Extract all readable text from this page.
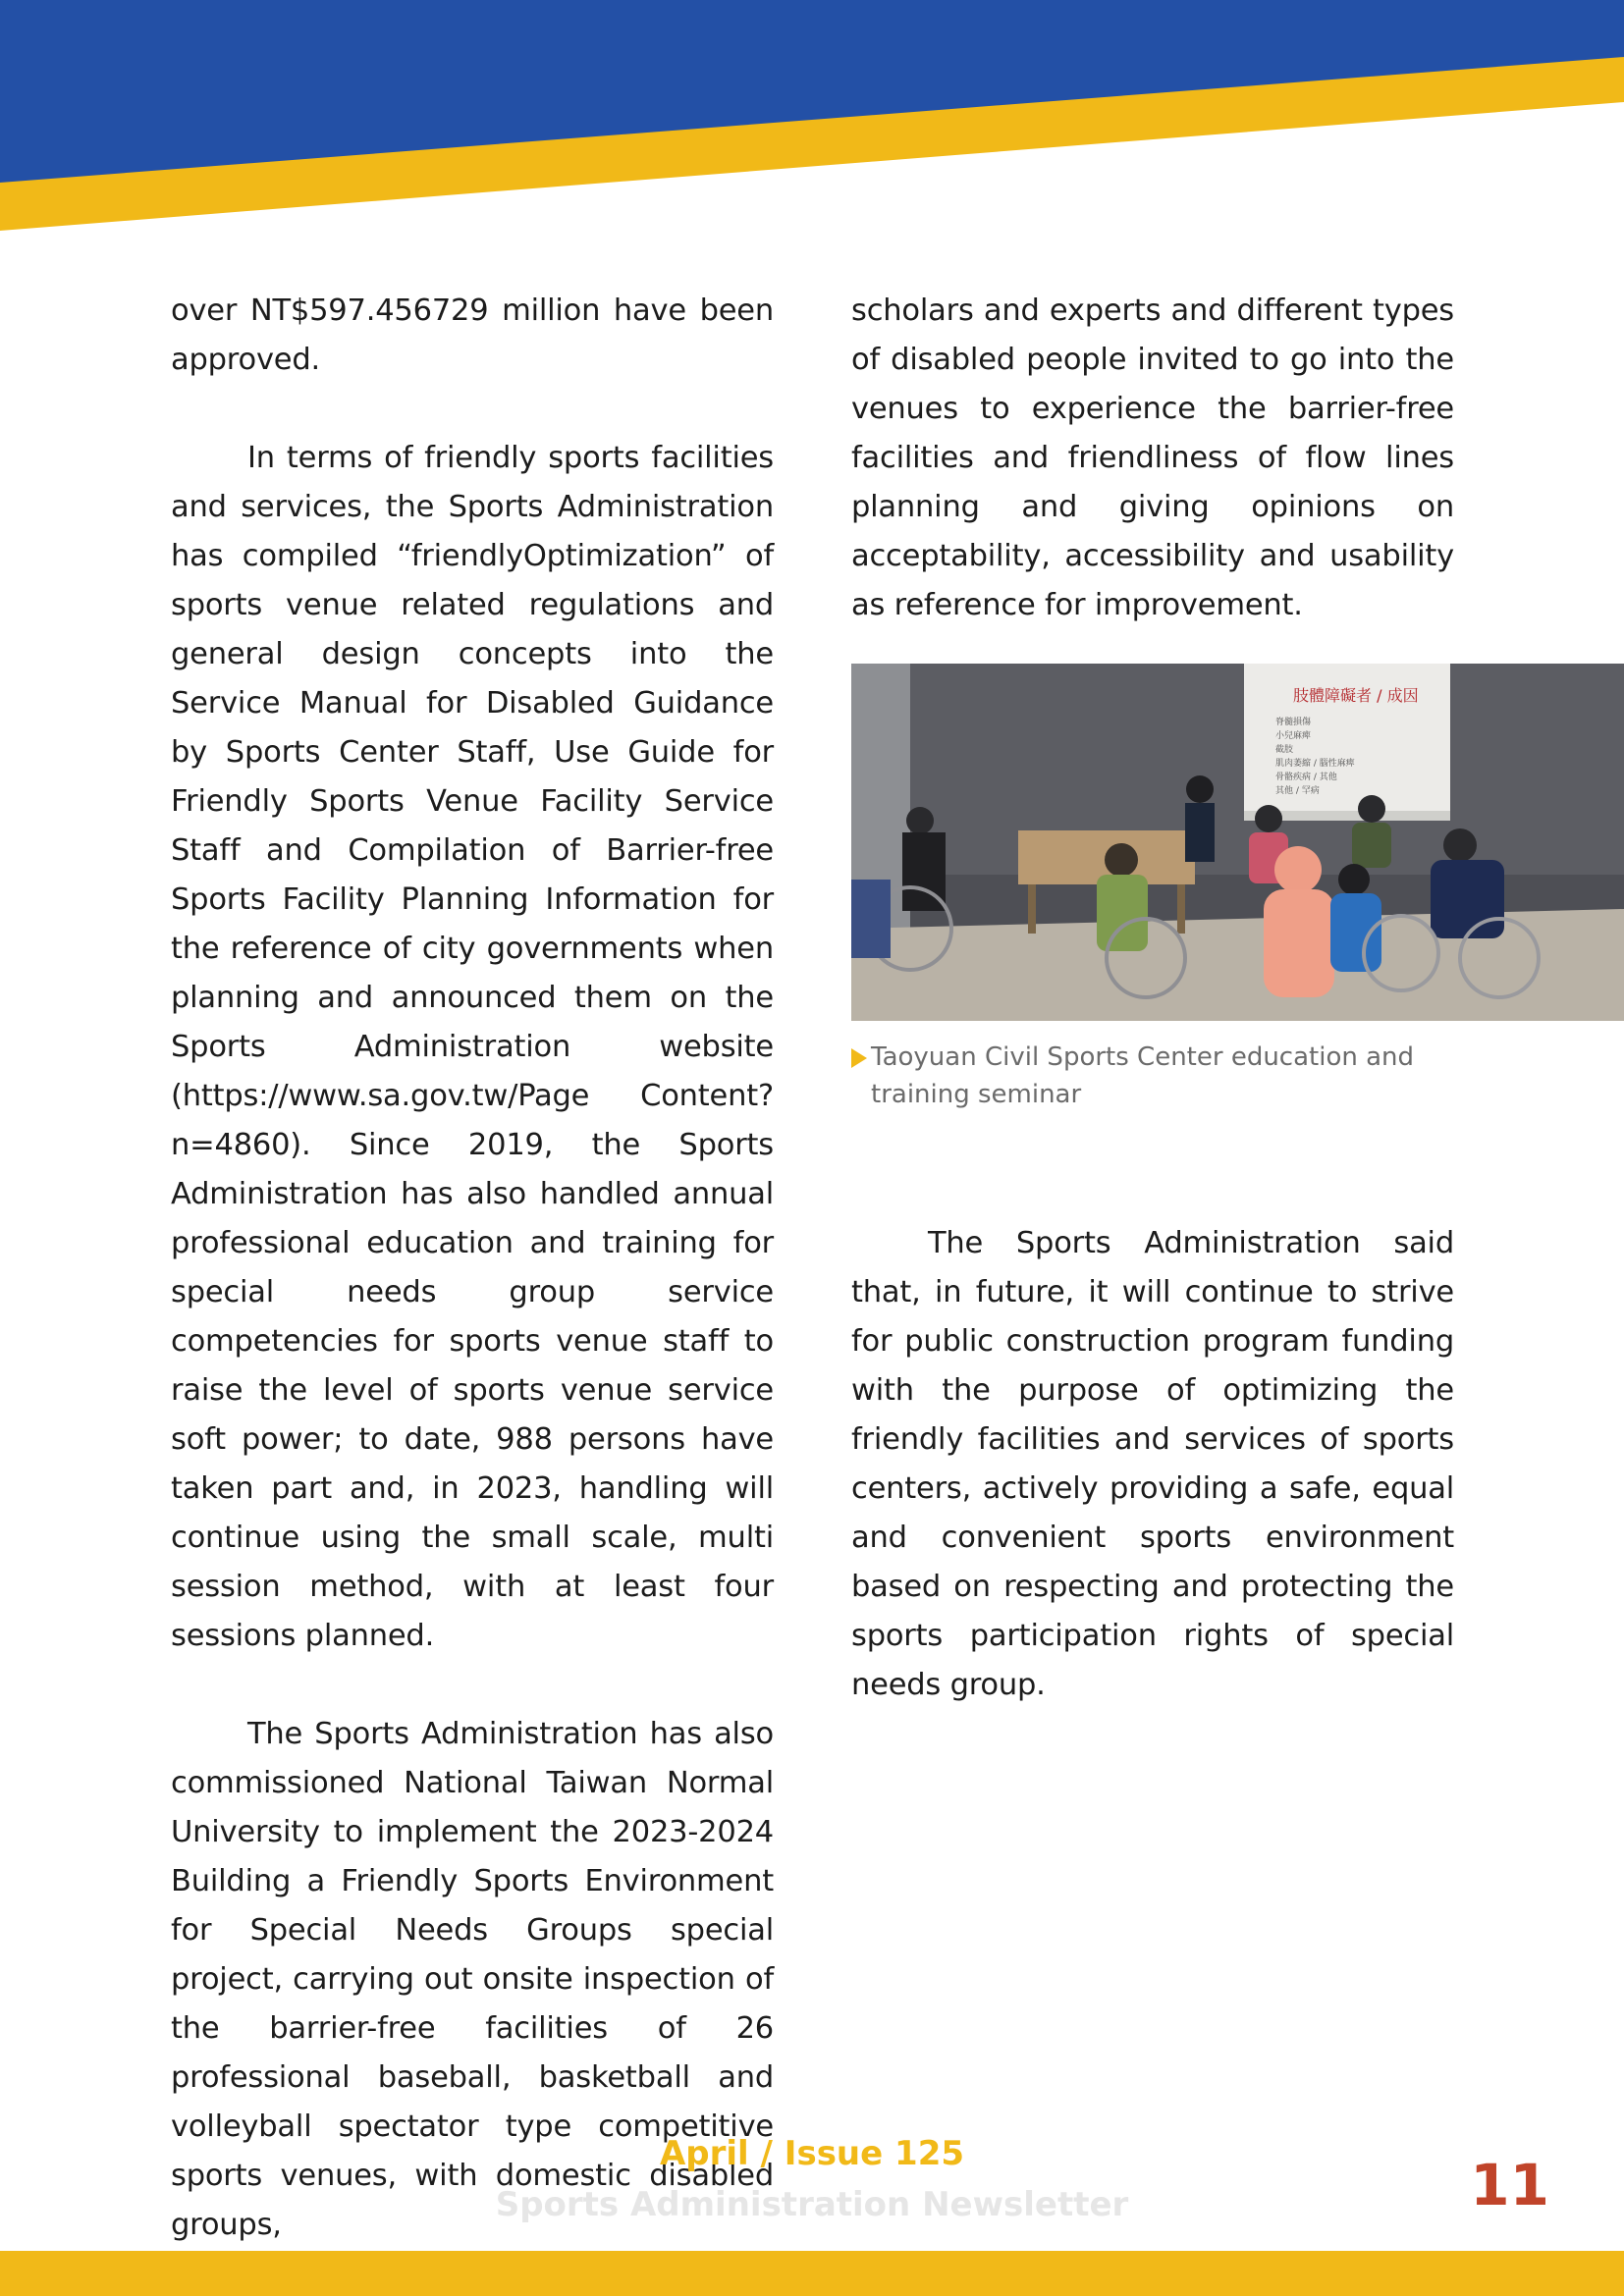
over NT$597.456729 million have been approved.

In terms of friendly sports facilities and services, the Sports Administration has compiled “friendlyOptimization” of sports venue related regulations and general design concepts into the Service Manual for Disabled Guidance by Sports Center Staff, Use Guide for Friendly Sports Venue Facility Service Staff and Compilation of Barrier-free Sports Facility Planning Information for the reference of city governments when planning and announced them on the Sports Administration website (https://www.sa.gov.tw/Page Content?n=4860). Since 2019, the Sports Administration has also handled annual professional education and training for special needs group service competencies for sports venue staff to raise the level of sports venue service soft power; to date, 988 persons have taken part and, in 2023, handling will continue using the small scale, multi session method, with at least four sessions planned.

The Sports Administration has also commissioned National Taiwan Normal University to implement the 2023-2024 Building a Friendly Sports Environment for Special Needs Groups special project, carrying out onsite inspection of the barrier-free facilities of 26 professional baseball, basketball and volleyball spectator type competitive sports venues, with domestic disabled groups,

scholars and experts and different types of disabled people invited to go into the venues to experience the barrier-free facilities and friendliness of flow lines planning and giving opinions on acceptability, accessibility and usability as reference for improvement.

肢體障礙者 / 成因
脊髓損傷
小兒麻痺
截肢
肌肉萎縮 / 腦性麻痺
骨骼疾病 / 其他
其他 / 罕病
Taoyuan Civil Sports Center education and training seminar

The Sports Administration said that, in future, it will continue to strive for public construction program funding with the purpose of optimizing the friendly facilities and services of sports centers, actively providing a safe, equal and convenient sports environment based on respecting and protecting the sports participation rights of special needs group.

April / Issue 125
Sports Administration Newsletter	11
